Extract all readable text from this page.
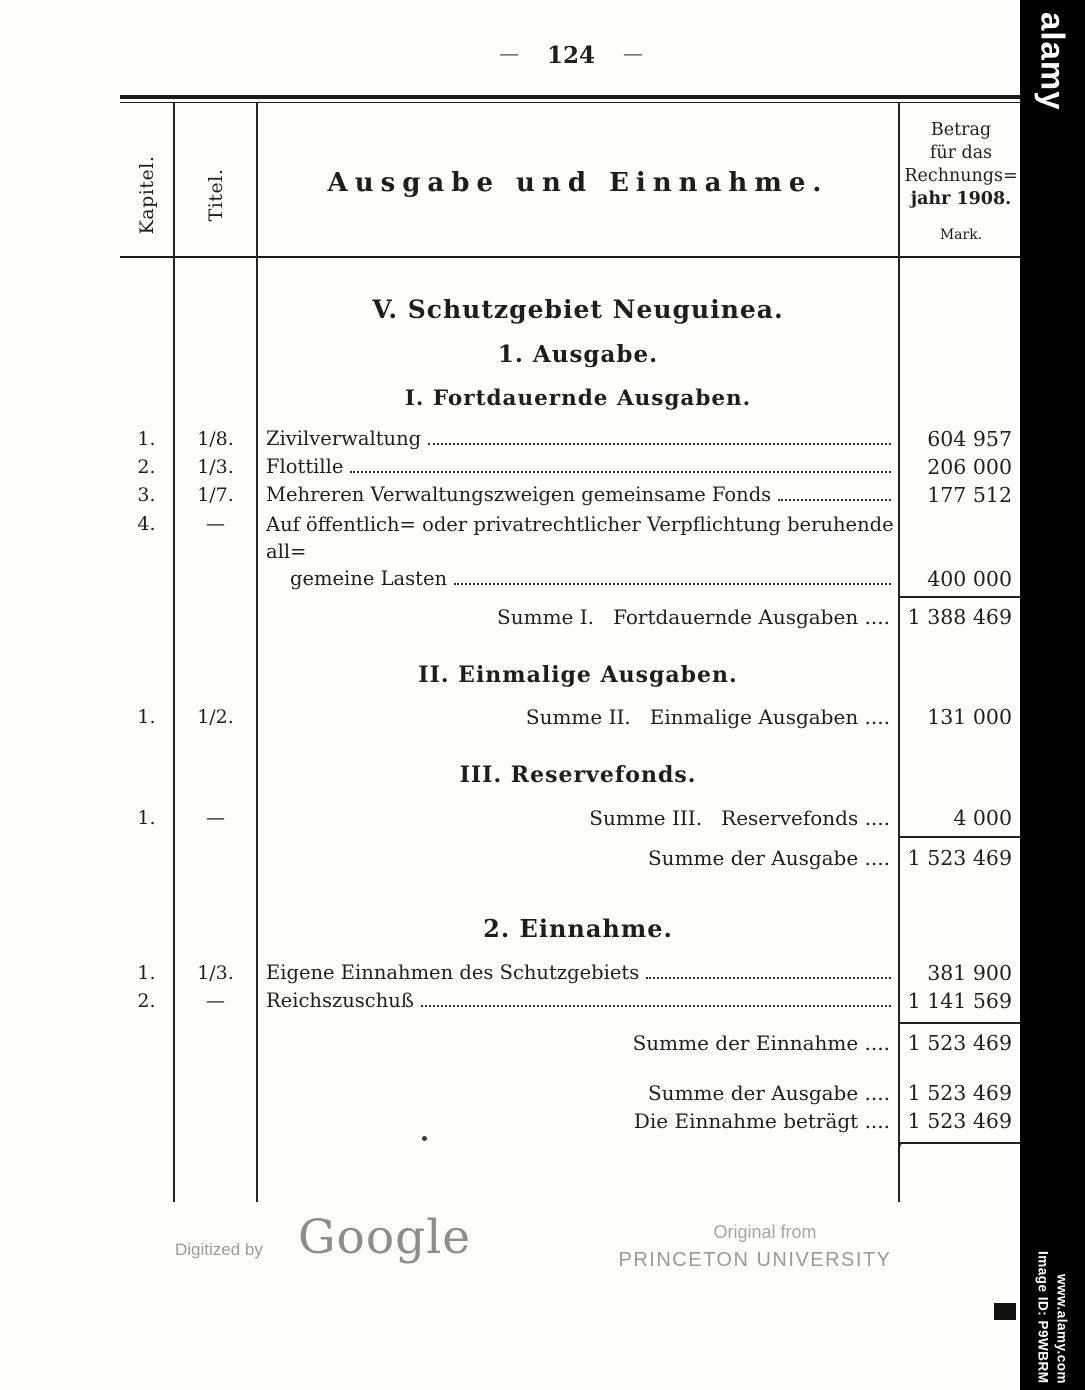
— 124 —
Kapitel. Titel.	Ausgabe und Einnahme.
Betrag
für das
Rechnungs=
jahr 1908.
Mark.
V. Schutzgebiet Neuguinea.
1. Ausgabe.
I. Fortdauernde Ausgaben.
1.	1/8.	Zivilverwaltung	604 957
2.	1/3.	Flottille	206 000
3.	1/7.	Mehreren Verwaltungszweigen gemeinsame Fonds	177 512
4.	—	Auf öffentlich= oder privatrechtlicher Verpflichtung beruhende all=
gemeine Lasten	400 000
Summe I.   Fortdauernde Ausgaben .... 1 388 469
II. Einmalige Ausgaben.
1.	1/2.	Summe II.   Einmalige Ausgaben ....	131 000
III. Reservefonds.
1.	—	Summe III.   Reservefonds ....	4 000
Summe der Ausgabe .... 1 523 469
2. Einnahme.
1.	1/3.	Eigene Einnahmen des Schutzgebiets	381 900
2.	—	Reichszuschuß	1 141 569
Summe der Einnahme .... 1 523 469
Summe der Ausgabe .... 1 523 469
Die Einnahme beträgt .... 1 523 469
Digitized by Google	Original from
PRINCETON UNIVERSITY
alamy
Image ID: P9WBRM www.alamy.com
